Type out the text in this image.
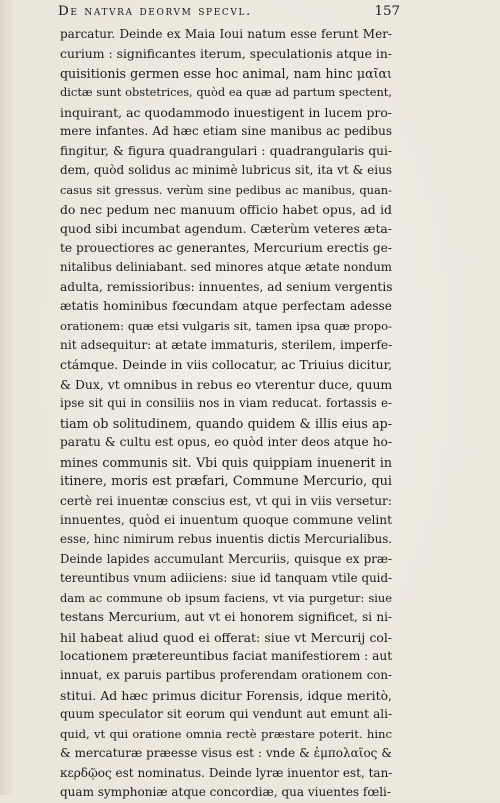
De natvra deorvm specvl.	157
parcatur. Deinde ex Maia Ioui natum esse ferunt Mer-
curium : significantes iterum, speculationis atque in-
quisitionis germen esse hoc animal, nam hinc μαῖαι
dictæ sunt obstetrices, quòd ea quæ ad partum spectent,
inquirant, ac quodammodo inuestigent in lucem pro-
mere infantes. Ad hæc etiam sine manibus ac pedibus
fingitur, & figura quadrangulari : quadrangularis qui-
dem, quòd solidus ac minimè lubricus sit, ita vt & eius
casus sit gressus. verùm sine pedibus ac manibus, quan-
do nec pedum nec manuum officio habet opus, ad id
quod sibi incumbat agendum. Cæterùm veteres æta-
te prouectiores ac generantes, Mercurium erectis ge-
nitalibus deliniabant. sed minores atque ætate nondum
adulta, remissioribus: innuentes, ad senium vergentis
ætatis hominibus fœcundam atque perfectam adesse
orationem: quæ etsi vulgaris sit, tamen ipsa quæ propo-
nit adsequitur: at ætate immaturis, sterilem, imperfe-
ctámque. Deinde in viis collocatur, ac Triuius dicitur,
& Dux, vt omnibus in rebus eo vterentur duce, quum
ipse sit qui in consiliis nos in viam reducat. fortassis e-
tiam ob solitudinem, quando quidem & illis eius ap-
paratu & cultu est opus, eo quòd inter deos atque ho-
mines communis sit. Vbi quis quippiam inuenerit in
itinere, moris est præfari, Commune Mercurio, qui
certè rei inuentæ conscius est, vt qui in viis versetur:
innuentes, quòd ei inuentum quoque commune velint
esse, hinc nimirum rebus inuentis dictis Mercurialibus.
Deinde lapides accumulant Mercuriis, quisque ex præ-
tereuntibus vnum adiiciens: siue id tanquam vtile quid-
dam ac commune ob ipsum faciens, vt via purgetur: siue
testans Mercurium, aut vt ei honorem significet, si ni-
hil habeat aliud quod ei offerat: siue vt Mercurij col-
locationem prætereuntibus faciat manifestiorem : aut
innuat, ex paruis partibus proferendam orationem con-
stitui. Ad hæc primus dicitur Forensis, idque meritò,
quum speculator sit eorum qui vendunt aut emunt ali-
quid, vt qui oratione omnia rectè præstare poterit. hinc
& mercaturæ præesse visus est : vnde & ἐμπολαῖος &
κερδῷος est nominatus. Deinde lyræ inuentor est, tan-
quam symphoniæ atque concordiæ, qua viuentes fœli-
